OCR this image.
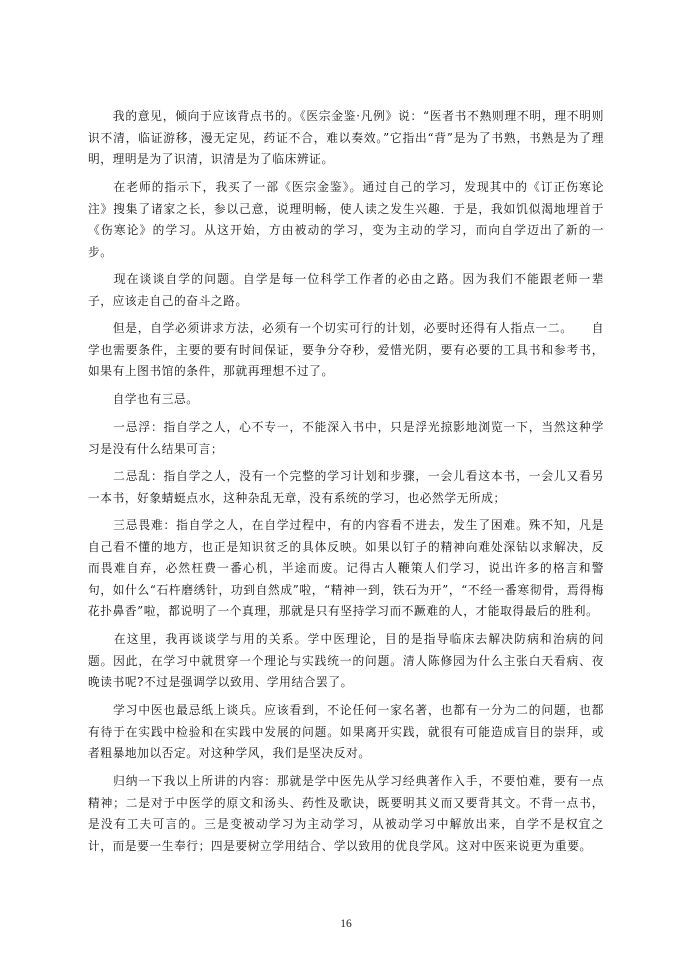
　　我的意见，倾向于应该背点书的。《医宗金鉴·凡例》说：“医者书不熟则理不明，理不明则识不清，临证游移，漫无定见，药证不合，难以奏效。”它指出“背”是为了书熟，书熟是为了理明，理明是为了识清，识清是为了临床辨证。

　　在老师的指示下，我买了一部《医宗金鉴》。通过自己的学习，发现其中的《订正伤寒论注》搜集了诸家之长，参以己意，说理明畅，使人读之发生兴趣．于是，我如饥似渴地埋首于《伤寒论》的学习。从这开始，方由被动的学习，变为主动的学习，而向自学迈出了新的一步。

　　现在谈谈自学的问题。自学是每一位科学工作者的必由之路。因为我们不能跟老师一辈子，应该走自己的奋斗之路。

　　但是，自学必须讲求方法，必须有一个切实可行的计划，必要时还得有人指点一二。　　自学也需要条件，主要的要有时间保证，要争分夺秒，爱惜光阴，要有必要的工具书和参考书，如果有上图书馆的条件，那就再理想不过了。

　　自学也有三忌。

　　一忌浮：指自学之人，心不专一，不能深入书中，只是浮光掠影地浏览一下，当然这种学习是没有什么结果可言；

　　二忌乱：指自学之人，没有一个完整的学习计划和步骤，一会儿看这本书，一会儿又看另一本书，好象蜻蜓点水，这种杂乱无章，没有系统的学习，也必然学无所成；

　　三忌畏难：指自学之人，在自学过程中，有的内容看不进去，发生了困难。殊不知，凡是自己看不懂的地方，也正是知识贫乏的具体反映。如果以钉子的精神向难处深钻以求解决，反而畏难自弃，必然枉费一番心机，半途而废。记得古人鞭策人们学习，说出许多的格言和警句，如什么“石杵磨绣针，功到自然成”啦，“精神一到，铁石为开”，“不经一番寒彻骨，焉得梅花扑鼻香”啦，都说明了一个真理，那就是只有坚持学习而不蹶难的人，才能取得最后的胜利。

　　在这里，我再谈谈学与用的关系。学中医理论，目的是指导临床去解决防病和治病的问题。因此，在学习中就贯穿一个理论与实践统一的问题。清人陈修园为什么主张白天看病、夜晚读书呢?不过是强调学以致用、学用结合罢了。

　　学习中医也最忌纸上谈兵。应该看到，不论任何一家名著，也都有一分为二的问题，也都有待于在实践中检验和在实践中发展的问题。如果离开实践，就很有可能造成盲目的崇拜，或者粗暴地加以否定。对这种学风，我们是坚决反对。

　　归纳一下我以上所讲的内容：那就是学中医先从学习经典著作入手，不要怕难，要有一点精神；二是对于中医学的原文和汤头、药性及歌诀，既要明其义而又要背其文。不背一点书，是没有工夫可言的。三是变被动学习为主动学习，从被动学习中解放出来，自学不是权宜之计，而是要一生奉行；四是要树立学用结合、学以致用的优良学风。这对中医来说更为重要。

16
